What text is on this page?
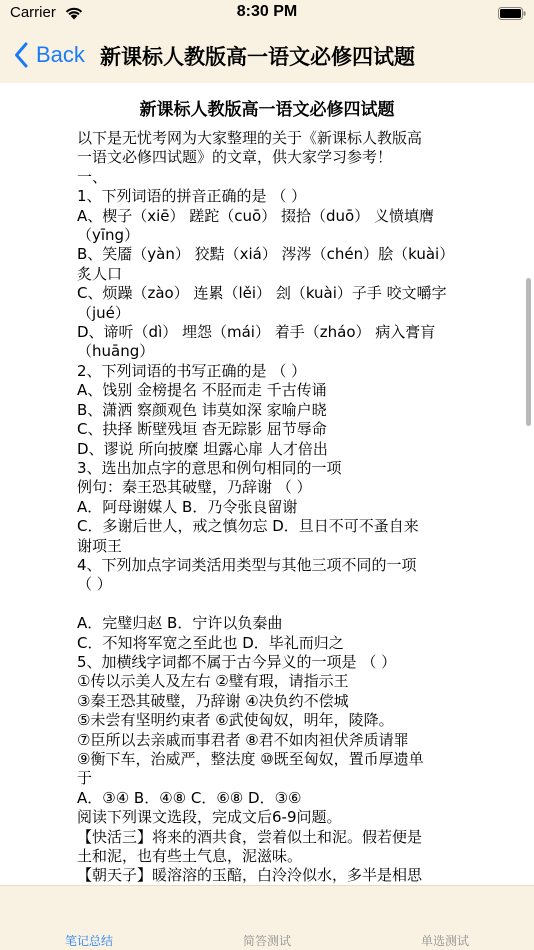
Carrier	8:30 PM
Back 新课标人教版高一语文必修四试题
新课标人教版高一语文必修四试题
以下是无忧考网为大家整理的关于《新课标人教版高
一语文必修四试题》的文章，供大家学习参考！
一、
1、下列词语的拼音正确的是 （ ）
A、楔子（xiē） 蹉跎（cuō） 掇拾（duō） 义愤填膺
（yīng）
B、笑靥（yàn） 狡黠（xiá） 涔涔（chén）脍（kuài）
炙人口
C、烦躁（zào） 连累（lěi） 刽（kuài）子手 咬文嚼字
（jué）
D、谛听（dì） 埋怨（mái） 着手（zháo） 病入膏肓
（huāng）
2、下列词语的书写正确的是 （ ）
A、饯别 金榜提名 不胫而走 千古传诵
B、潇洒 察颜观色 讳莫如深 家喻户晓
C、抉择 断壁残垣 杳无踪影 屈节辱命
D、谬说 所向披糜 坦露心扉 人才倍出
3、选出加点字的意思和例句相同的一项
例句：秦王恐其破璧，乃辞谢 （ ）
A．阿母谢媒人 B．乃令张良留谢
C．多谢后世人，戒之慎勿忘 D．旦日不可不蚤自来
谢项王
4、下列加点字词类活用类型与其他三项不同的一项
（ ）
A．完璧归赵 B．宁许以负秦曲
C．不知将军宽之至此也 D．毕礼而归之
5、加横线字词都不属于古今异义的一项是 （ ）
①传以示美人及左右 ②璧有瑕，请指示王
③秦王恐其破璧，乃辞谢 ④决负约不偿城
⑤未尝有坚明约束者 ⑥武使匈奴，明年，陵降。
⑦臣所以去亲戚而事君者 ⑧君不如肉袒伏斧质请罪
⑨衡下车，治威严，整法度 ⑩既至匈奴，置币厚遗单
于
A．③④ B．④⑧ C．⑥⑧ D．③⑥
阅读下列课文选段，完成文后6-9问题。
【快活三】将来的酒共食，尝着似土和泥。假若便是
土和泥，也有些土气息，泥滋味。
【朝天子】暖溶溶的玉醅，白泠泠似水，多半是相思
笔记总结	简答测试	单选测试
